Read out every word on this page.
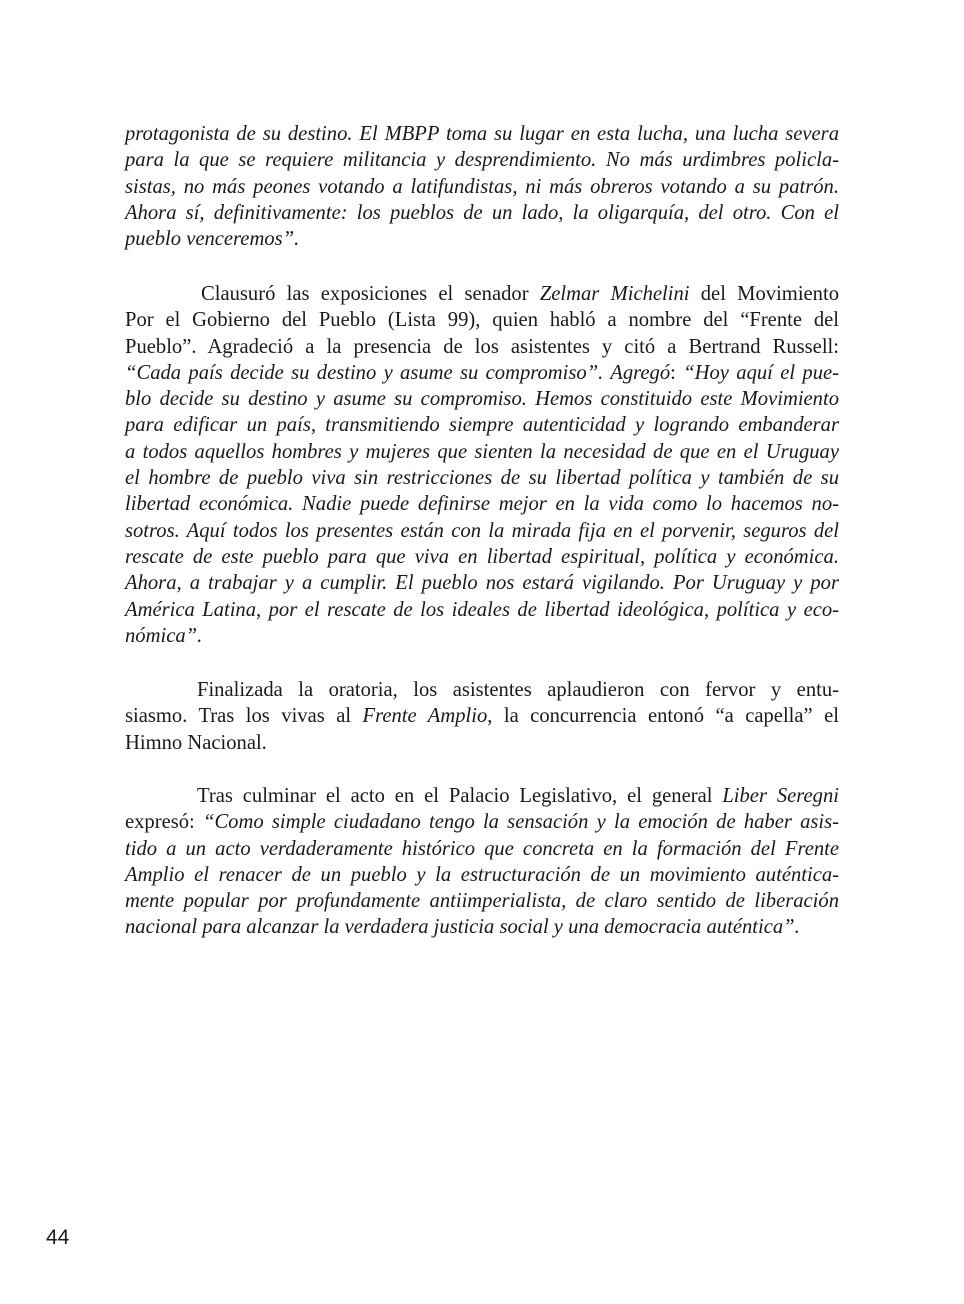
protagonista de su destino. El MBPP toma su lugar en esta lucha, una lucha severa
para la que se requiere militancia y desprendimiento. No más urdimbres policla-
sistas, no más peones votando a latifundistas, ni más obreros votando a su patrón.
Ahora sí, definitivamente: los pueblos de un lado, la oligarquía, del otro. Con el
pueblo venceremos”.
Clausuró las exposiciones el senador Zelmar Michelini del Movimiento
Por el Gobierno del Pueblo (Lista 99), quien habló a nombre del “Frente del
Pueblo”. Agradeció a la presencia de los asistentes y citó a Bertrand Russell:
“Cada país decide su destino y asume su compromiso”. Agregó: “Hoy aquí el pue-
blo decide su destino y asume su compromiso. Hemos constituido este Movimiento
para edificar un país, transmitiendo siempre autenticidad y logrando embanderar
a todos aquellos hombres y mujeres que sienten la necesidad de que en el Uruguay
el hombre de pueblo viva sin restricciones de su libertad política y también de su
libertad económica. Nadie puede definirse mejor en la vida como lo hacemos no-
sotros. Aquí todos los presentes están con la mirada fija en el porvenir, seguros del
rescate de este pueblo para que viva en libertad espiritual, política y económica.
Ahora, a trabajar y a cumplir. El pueblo nos estará vigilando. Por Uruguay y por
América Latina, por el rescate de los ideales de libertad ideológica, política y eco-
nómica”.
Finalizada la oratoria, los asistentes aplaudieron con fervor y entu-
siasmo. Tras los vivas al Frente Amplio, la concurrencia entonó “a capella” el
Himno Nacional.
Tras culminar el acto en el Palacio Legislativo, el general Liber Seregni
expresó: “Como simple ciudadano tengo la sensación y la emoción de haber asis-
tido a un acto verdaderamente histórico que concreta en la formación del Frente
Amplio el renacer de un pueblo y la estructuración de un movimiento auténtica-
mente popular por profundamente antiimperialista, de claro sentido de liberación
nacional para alcanzar la verdadera justicia social y una democracia auténtica”.
44
